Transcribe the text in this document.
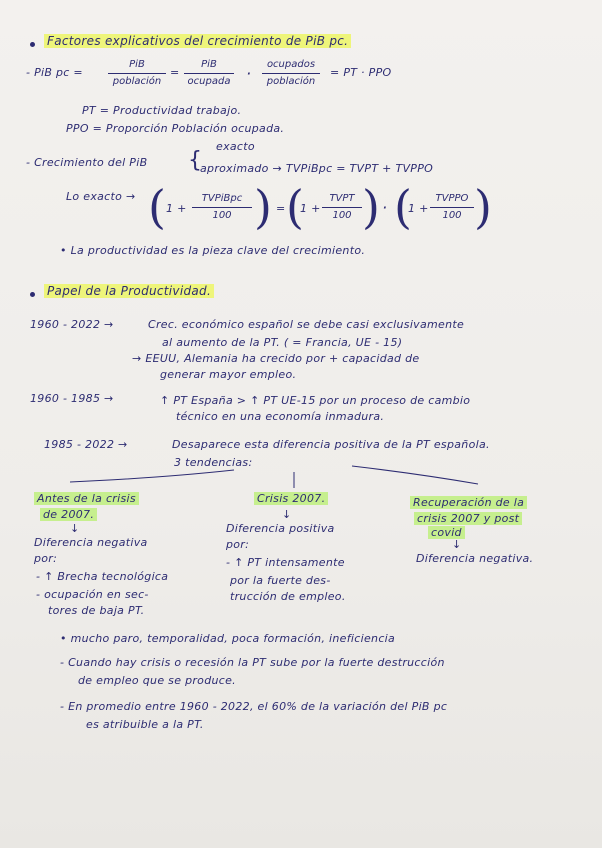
Factores explicativos del crecimiento de PiB pc.
- PiB pc =
PiB
población
=
PiB
ocupada ·	ocupados
población
= PT · PPO
PT = Productividad trabajo.
PPO = Proporción Población ocupada.
- Crecimiento del PiB {
exacto
aproximado → TVPiBpc = TVPT + TVPPO
Lo exacto → ( 1 +
TVPiBpc
100 ) = (
1 +
TVPT
100 ) · (
1 +
TVPPO
100 )
• La productividad es la pieza clave del crecimiento.
Papel de la Productividad.
1960 - 2022 →	Crec. económico español se debe casi exclusivamente
al aumento de la PT. ( = Francia, UE - 15)
→ EEUU, Alemania ha crecido por + capacidad de
generar mayor empleo.
1960 - 1985 →	↑ PT España > ↑ PT UE-15 por un proceso de cambio
técnico en una economía inmadura.
1985 - 2022 →	Desaparece esta diferencia positiva de la PT española.
3 tendencias:
Antes de la crisis
de 2007.
↓
Diferencia negativa
por:
- ↑ Brecha tecnológica
- ocupación en sec-
tores de baja PT.
Crisis 2007.
↓
Diferencia positiva
por:
- ↑ PT intensamente
por la fuerte des-
trucción de empleo.
Recuperación de la
crisis 2007 y post
covid
↓
Diferencia negativa.
• mucho paro, temporalidad, poca formación, ineficiencia
- Cuando hay crisis o recesión la PT sube por la fuerte destrucción
de empleo que se produce.
- En promedio entre 1960 - 2022, el 60% de la variación del PiB pc
es atribuible a la PT.
